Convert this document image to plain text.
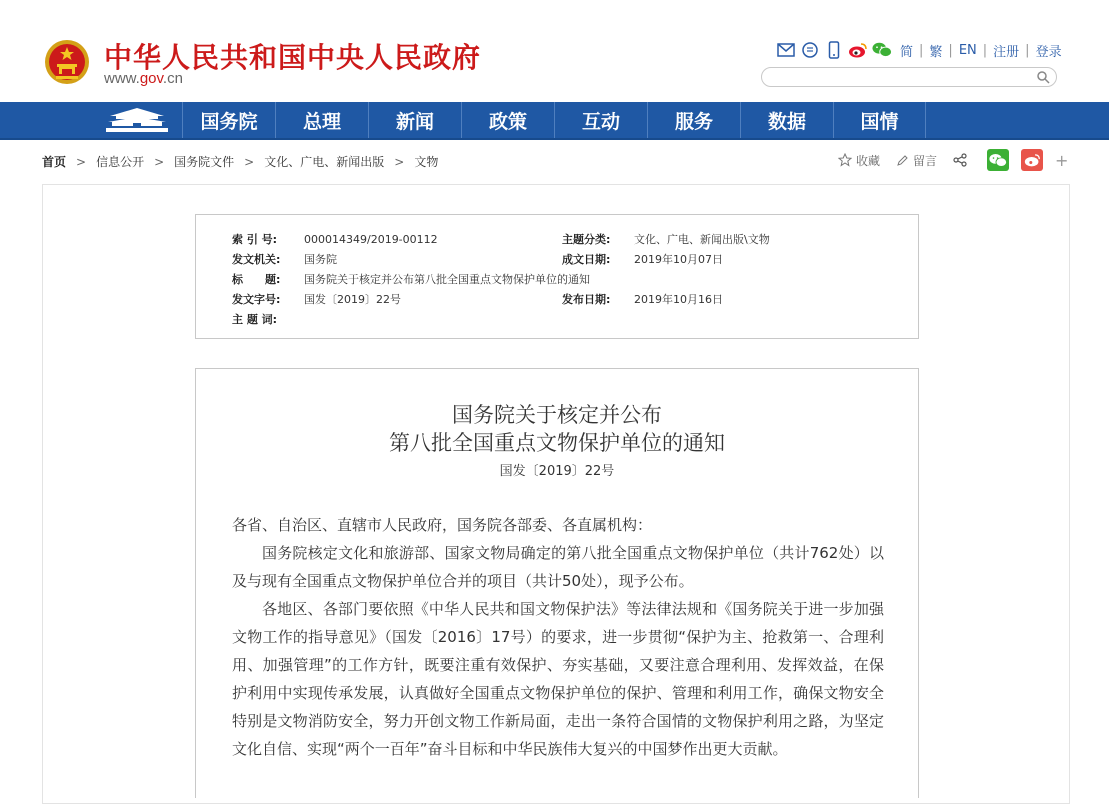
中华人民共和国中央人民政府
www.gov.cn
简 | 繁 | EN | 注册 | 登录
国务院	总理	新闻	政策	互动	服务	数据	国情
首页 > 信息公开 > 国务院文件 > 文化、广电、新闻出版 > 文物	收藏	留言	+
索 引 号: 000014349/2019-00112	主题分类: 文化、广电、新闻出版\文物
发文机关: 国务院	成文日期: 2019年10月07日
标　　题: 国务院关于核定并公布第八批全国重点文物保护单位的通知
发文字号: 国发〔2019〕22号	发布日期: 2019年10月16日
主 题 词:
国务院关于核定并公布
第八批全国重点文物保护单位的通知
国发〔2019〕22号

各省、自治区、直辖市人民政府，国务院各部委、各直属机构：

国务院核定文化和旅游部、国家文物局确定的第八批全国重点文物保护单位（共计762处）以及与现有全国重点文物保护单位合并的项目（共计50处），现予公布。

各地区、各部门要依照《中华人民共和国文物保护法》等法律法规和《国务院关于进一步加强文物工作的指导意见》（国发〔2016〕17号）的要求，进一步贯彻“保护为主、抢救第一、合理利用、加强管理”的工作方针，既要注重有效保护、夯实基础，又要注意合理利用、发挥效益，在保护利用中实现传承发展，认真做好全国重点文物保护单位的保护、管理和利用工作，确保文物安全特别是文物消防安全，努力开创文物工作新局面，走出一条符合国情的文物保护利用之路，为坚定文化自信、实现“两个一百年”奋斗目标和中华民族伟大复兴的中国梦作出更大贡献。
